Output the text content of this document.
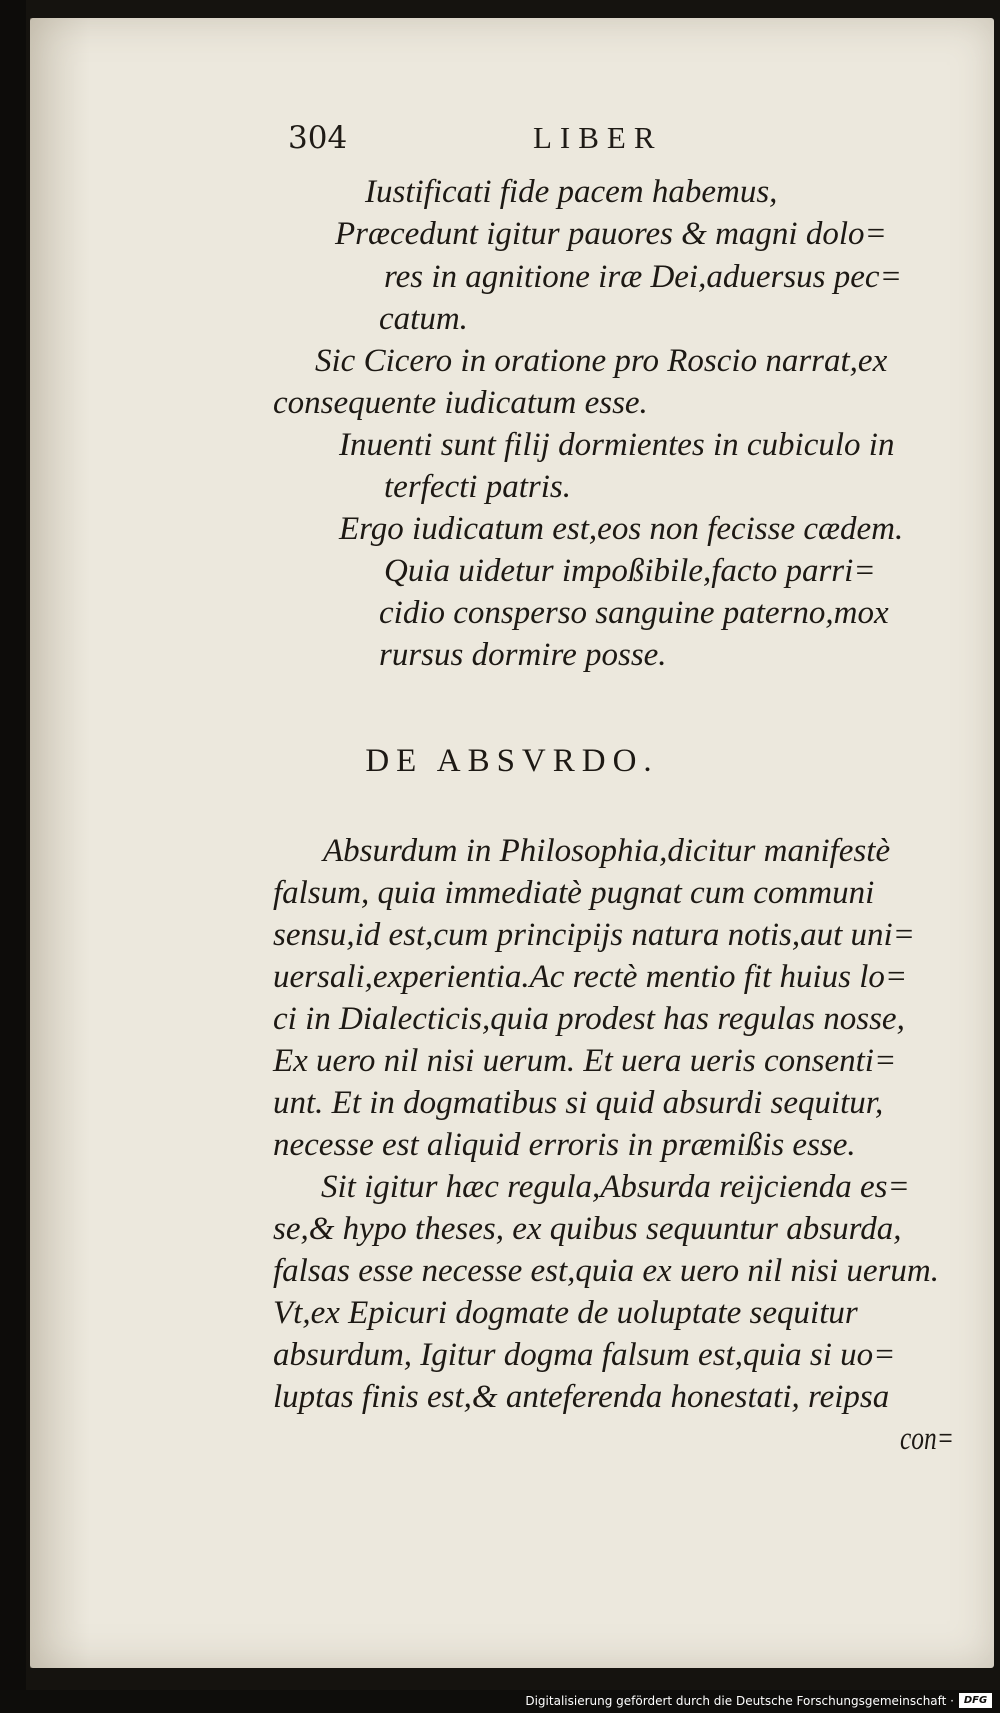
304	LIBER
Iustificati fide pacem habemus,
Præcedunt igitur pauores & magni dolo=
res in agnitione iræ Dei,aduersus pec=
catum.
Sic Cicero in oratione pro Roscio narrat,ex
consequente iudicatum esse.
Inuenti sunt filij dormientes in cubiculo in
terfecti patris.
Ergo iudicatum est,eos non fecisse cædem.
Quia uidetur impoßibile,facto parri=
cidio consperso sanguine paterno,mox
rursus dormire posse.
DE ABSVRDO.
Absurdum in Philosophia,dicitur manifestè
falsum, quia immediatè pugnat cum communi
sensu,id est,cum principijs natura notis,aut uni=
uersali,experientia.Ac rectè mentio fit huius lo=
ci in Dialecticis,quia prodest has regulas nosse,
Ex uero nil nisi uerum. Et uera ueris consenti=
unt. Et in dogmatibus si quid absurdi sequitur,
necesse est aliquid erroris in præmißis esse.
Sit igitur hæc regula,Absurda reijcienda es=
se,& hypo theses, ex quibus sequuntur absurda,
falsas esse necesse est,quia ex uero nil nisi uerum.
Vt,ex Epicuri dogmate de uoluptate sequitur
absurdum, Igitur dogma falsum est,quia si uo=
luptas finis est,& anteferenda honestati, reipsa
con=
Digitalisierung gefördert durch die Deutsche Forschungsgemeinschaft · DFG
